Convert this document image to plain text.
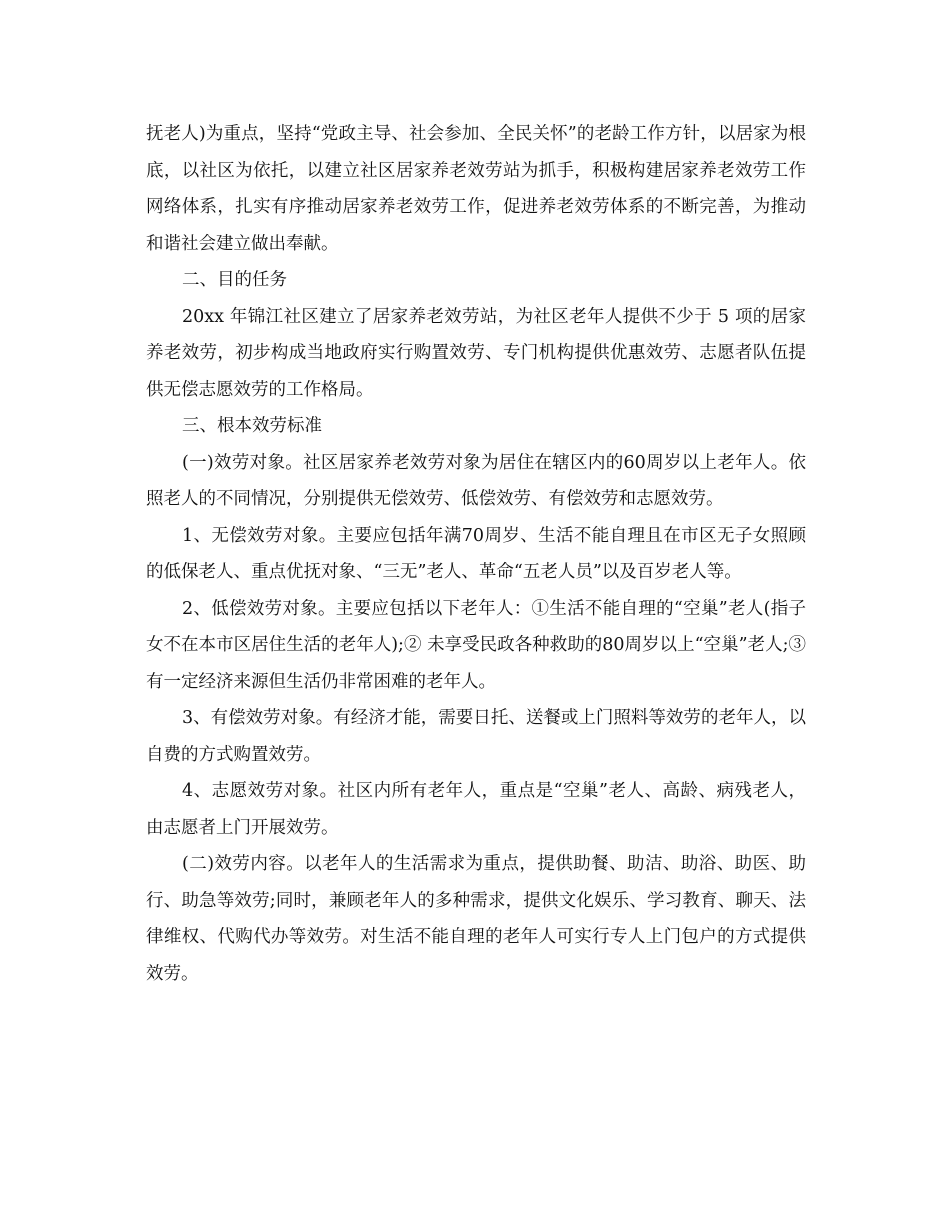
抚老人)为重点，坚持“党政主导、社会参加、全民关怀”的老龄工作方针，以居家为根底，以社区为依托，以建立社区居家养老效劳站为抓手，积极构建居家养老效劳工作网络体系，扎实有序推动居家养老效劳工作，促进养老效劳体系的不断完善，为推动和谐社会建立做出奉献。

二、目的任务

20xx 年锦江社区建立了居家养老效劳站，为社区老年人提供不少于 5 项的居家养老效劳，初步构成当地政府实行购置效劳、专门机构提供优惠效劳、志愿者队伍提供无偿志愿效劳的工作格局。

三、根本效劳标准

(一)效劳对象。社区居家养老效劳对象为居住在辖区内的60周岁以上老年人。依照老人的不同情况，分别提供无偿效劳、低偿效劳、有偿效劳和志愿效劳。

1、无偿效劳对象。主要应包括年满70周岁、生活不能自理且在市区无子女照顾的低保老人、重点优抚对象、“三无”老人、革命“五老人员”以及百岁老人等。

2、低偿效劳对象。主要应包括以下老年人：①生活不能自理的“空巢”老人(指子女不在本市区居住生活的老年人);② 未享受民政各种救助的80周岁以上“空巢”老人;③ 有一定经济来源但生活仍非常困难的老年人。

3、有偿效劳对象。有经济才能，需要日托、送餐或上门照料等效劳的老年人，以自费的方式购置效劳。

4、志愿效劳对象。社区内所有老年人，重点是“空巢”老人、高龄、病残老人，由志愿者上门开展效劳。

(二)效劳内容。以老年人的生活需求为重点，提供助餐、助洁、助浴、助医、助行、助急等效劳;同时，兼顾老年人的多种需求，提供文化娱乐、学习教育、聊天、法律维权、代购代办等效劳。对生活不能自理的老年人可实行专人上门包户的方式提供效劳。
